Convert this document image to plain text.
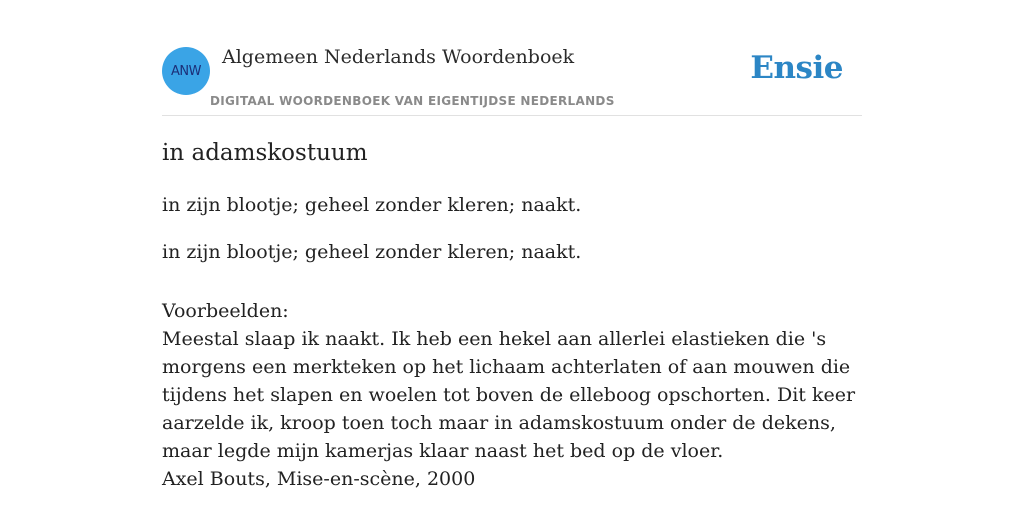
ANW
Algemeen Nederlands Woordenboek
DIGITAAL WOORDENBOEK VAN EIGENTIJDSE NEDERLANDS
Ensie
in adamskostuum
in zijn blootje; geheel zonder kleren; naakt.
in zijn blootje; geheel zonder kleren; naakt.

Voorbeelden:

Meestal slaap ik naakt. Ik heb een hekel aan allerlei elastieken die 's morgens een merkteken op het lichaam achterlaten of aan mouwen die tijdens het slapen en woelen tot boven de elleboog opschorten. Dit keer aarzelde ik, kroop toen toch maar in adamskostuum onder de dekens, maar legde mijn kamerjas klaar naast het bed op de vloer.

Axel Bouts, Mise-en-scène, 2000
